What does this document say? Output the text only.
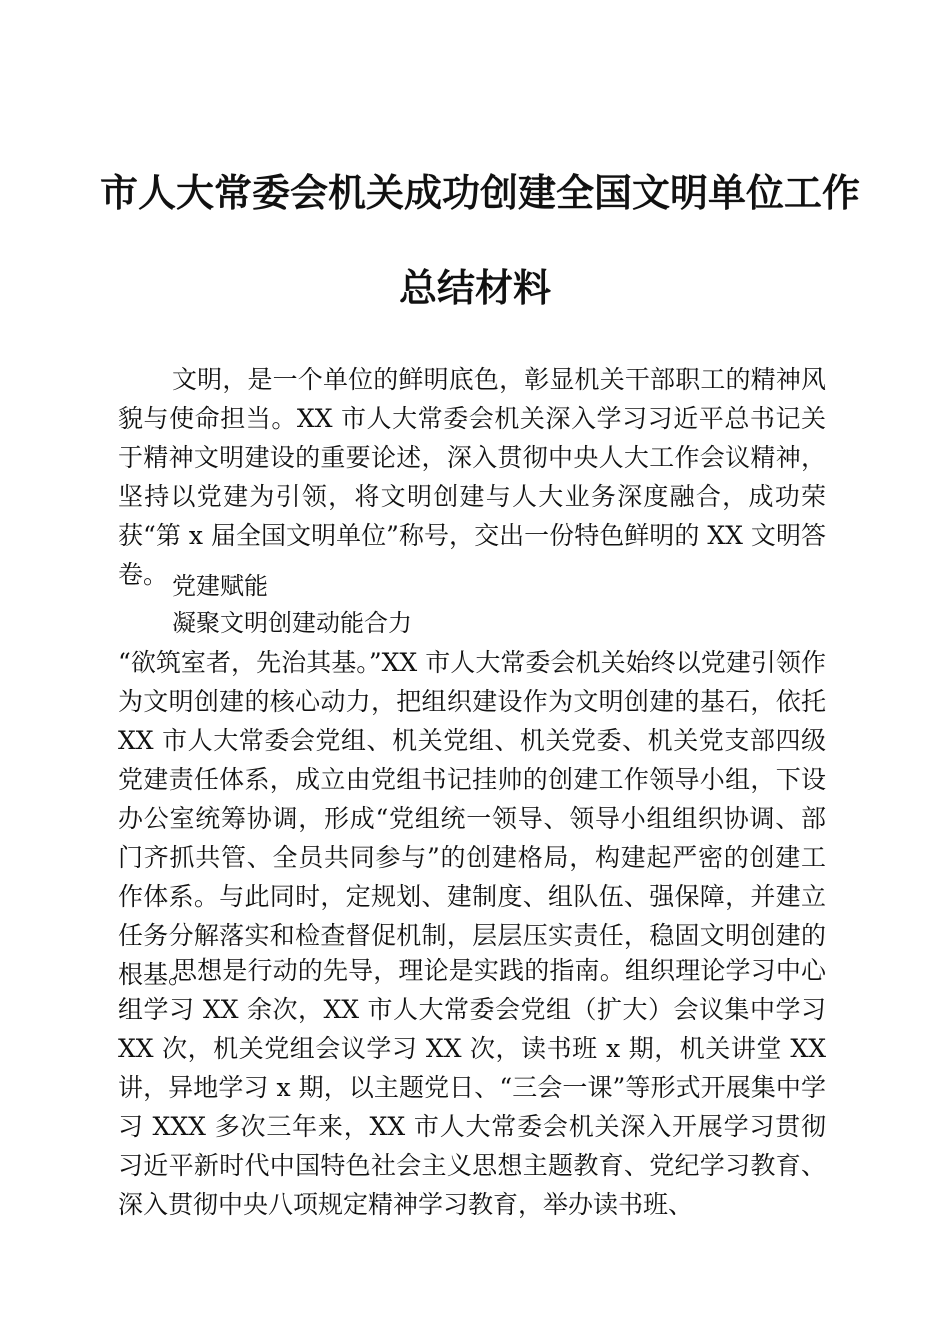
市人大常委会机关成功创建全国文明单位工作
总结材料
文明，是一个单位的鲜明底色，彰显机关干部职工的精神风貌与使命担当。XX 市人大常委会机关深入学习习近平总书记关于精神文明建设的重要论述，深入贯彻中央人大工作会议精神，坚持以党建为引领，将文明创建与人大业务深度融合，成功荣获“第 x 届全国文明单位”称号，交出一份特色鲜明的 XX 文明答卷。 党建赋能
凝聚文明创建动能合力
“欲筑室者，先治其基。”XX 市人大常委会机关始终以党建引领作为文明创建的核心动力，把组织建设作为文明创建的基石，依托 XX 市人大常委会党组、机关党组、机关党委、机关党支部四级党建责任体系，成立由党组书记挂帅的创建工作领导小组，下设办公室统筹协调，形成“党组统一领导、领导小组组织协调、部门齐抓共管、全员共同参与”的创建格局，构建起严密的创建工作体系。与此同时，定规划、建制度、组队伍、强保障，并建立任务分解落实和检查督促机制，层层压实责任，稳固文明创建的根基。
思想是行动的先导，理论是实践的指南。组织理论学习中心组学习 XX 余次，XX 市人大常委会党组（扩大）会议集中学习 XX 次，机关党组会议学习 XX 次，读书班 x 期，机关讲堂 XX 讲，异地学习 x 期，以主题党日、“三会一课”等形式开展集中学习 XXX 多次三年来，XX 市人大常委会机关深入开展学习贯彻习近平新时代中国特色社会主义思想主题教育、党纪学习教育、深入贯彻中央八项规定精神学习教育，举办读书班、
